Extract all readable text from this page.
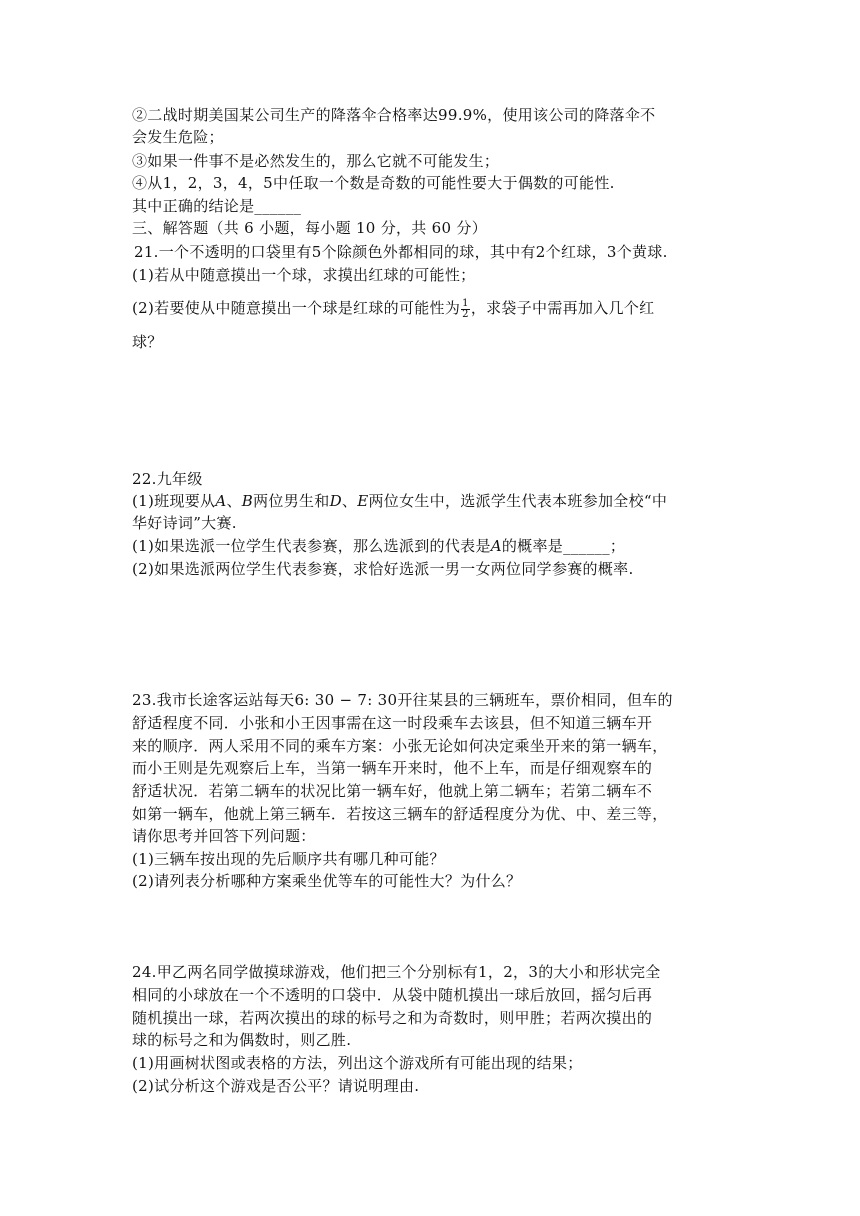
②二战时期美国某公司生产的降落伞合格率达99.9%，使用该公司的降落伞不
会发生危险；
③如果一件事不是必然发生的，那么它就不可能发生；
④从1，2，3，4，5中任取一个数是奇数的可能性要大于偶数的可能性.
其中正确的结论是______
三、解答题（共 6 小题，每小题 10 分，共 60 分）
21.一个不透明的口袋里有5个除颜色外都相同的球，其中有2个红球，3个黄球.
(1)若从中随意摸出一个球，求摸出红球的可能性；
(2)若要使从中随意摸出一个球是红球的可能性为 $\frac{1}{2}$ ，求袋子中需再加入几个红
球？
22.九年级
(1)班现要从𝐴、𝐵两位男生和𝐷、𝐸两位女生中，选派学生代表本班参加全校“中
华好诗词”大赛.
(1)如果选派一位学生代表参赛，那么选派到的代表是𝐴的概率是______；
(2)如果选派两位学生代表参赛，求恰好选派一男一女两位同学参赛的概率.
23.我市长途客运站每天6: 30 − 7: 30开往某县的三辆班车，票价相同，但车的
舒适程度不同．小张和小王因事需在这一时段乘车去该县，但不知道三辆车开
来的顺序．两人采用不同的乘车方案：小张无论如何决定乘坐开来的第一辆车，
而小王则是先观察后上车，当第一辆车开来时，他不上车，而是仔细观察车的
舒适状况．若第二辆车的状况比第一辆车好，他就上第二辆车；若第二辆车不
如第一辆车，他就上第三辆车．若按这三辆车的舒适程度分为优、中、差三等，
请你思考并回答下列问题：
(1)三辆车按出现的先后顺序共有哪几种可能？
(2)请列表分析哪种方案乘坐优等车的可能性大？为什么？
24.甲乙两名同学做摸球游戏，他们把三个分别标有1，2，3的大小和形状完全
相同的小球放在一个不透明的口袋中．从袋中随机摸出一球后放回，摇匀后再
随机摸出一球，若两次摸出的球的标号之和为奇数时，则甲胜；若两次摸出的
球的标号之和为偶数时，则乙胜.
(1)用画树状图或表格的方法，列出这个游戏所有可能出现的结果；
(2)试分析这个游戏是否公平？请说明理由.
